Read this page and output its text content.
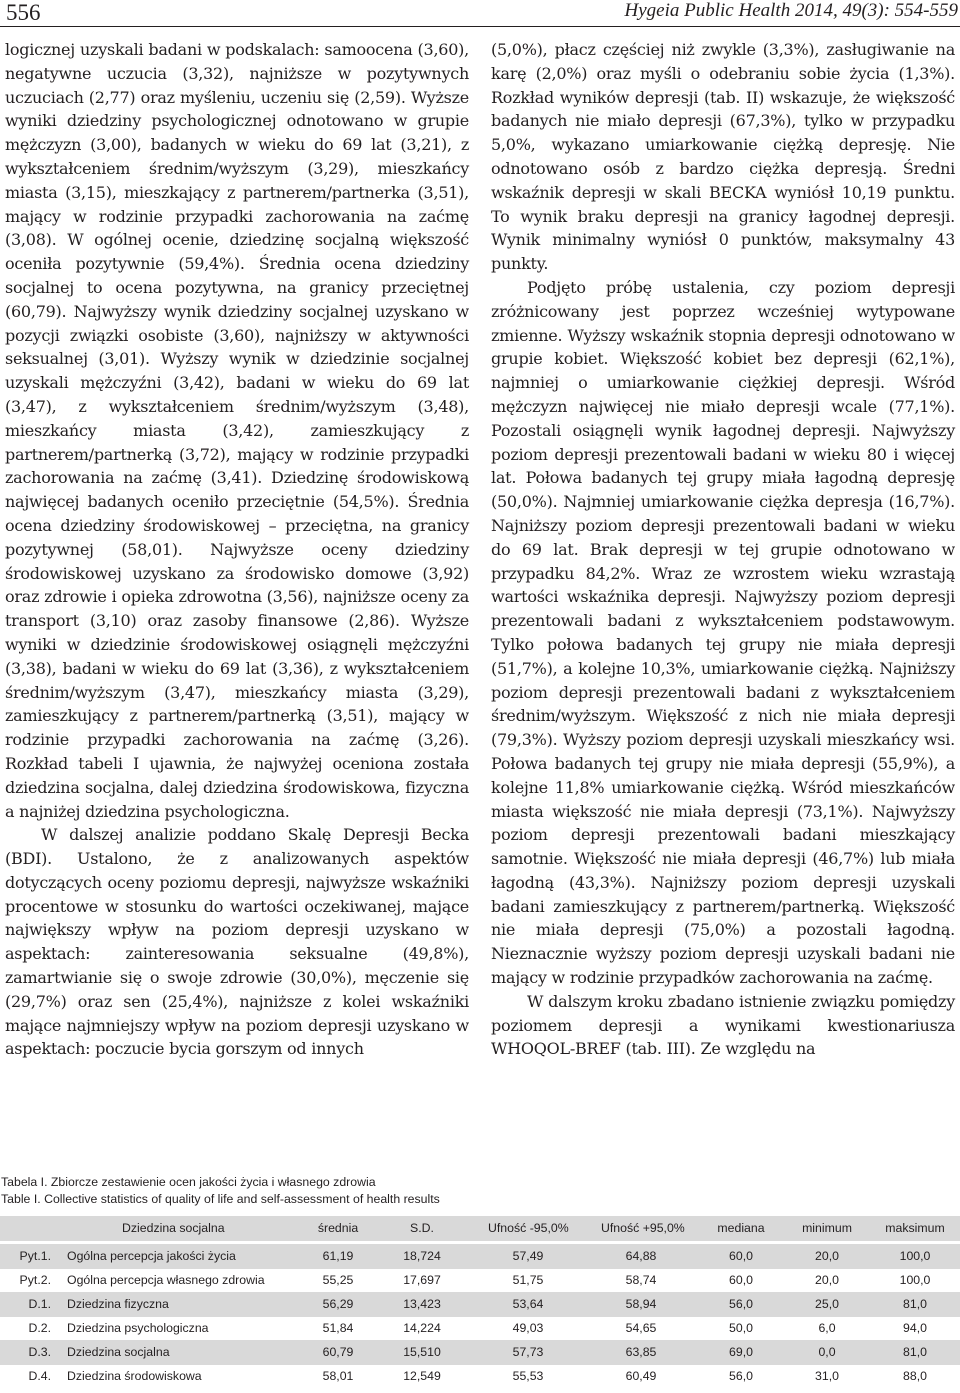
556	Hygeia Public Health 2014, 49(3): 554-559

logicznej uzyskali badani w podskalach: samoocena (3,60), negatywne uczucia (3,32), najniższe w pozytywnych uczuciach (2,77) oraz myśleniu, uczeniu się (2,59). Wyższe wyniki dziedziny psychologicznej odnotowano w grupie mężczyzn (3,00), badanych w wieku do 69 lat (3,21), z wykształceniem średnim/wyższym (3,29), mieszkańcy miasta (3,15), mieszkający z partnerem/partnerka (3,51), mający w rodzinie przypadki zachorowania na zaćmę (3,08). W ogólnej ocenie, dziedzinę socjalną większość oceniła pozytywnie (59,4%). Średnia ocena dziedziny socjalnej to ocena pozytywna, na granicy przeciętnej (60,79). Najwyższy wynik dziedziny socjalnej uzyskano w pozycji związki osobiste (3,60), najniższy w aktywności seksualnej (3,01). Wyższy wynik w dziedzinie socjalnej uzyskali mężczyźni (3,42), badani w wieku do 69 lat (3,47), z wykształceniem średnim/wyższym (3,48), mieszkańcy miasta (3,42), zamieszkujący z partnerem/partnerką (3,72), mający w rodzinie przypadki zachorowania na zaćmę (3,41). Dziedzinę środowiskową najwięcej badanych oceniło przeciętnie (54,5%). Średnia ocena dziedziny środowiskowej – przeciętna, na granicy pozytywnej (58,01). Najwyższe oceny dziedziny środowiskowej uzyskano za środowisko domowe (3,92) oraz zdrowie i opieka zdrowotna (3,56), najniższe oceny za transport (3,10) oraz zasoby finansowe (2,86). Wyższe wyniki w dziedzinie środowiskowej osiągnęli mężczyźni (3,38), badani w wieku do 69 lat (3,36), z wykształceniem średnim/wyższym (3,47), mieszkańcy miasta (3,29), zamieszkujący z partnerem/partnerką (3,51), mający w rodzinie przypadki zachorowania na zaćmę (3,26). Rozkład tabeli I ujawnia, że najwyżej oceniona została dziedzina socjalna, dalej dziedzina środowiskowa, fizyczna a najniżej dziedzina psychologiczna.

W dalszej analizie poddano Skalę Depresji Becka (BDI). Ustalono, że z analizowanych aspektów dotyczących oceny poziomu depresji, najwyższe wskaźniki procentowe w stosunku do wartości oczekiwanej, mające największy wpływ na poziom depresji uzyskano w aspektach: zainteresowania seksualne (49,8%), zamartwianie się o swoje zdrowie (30,0%), męczenie się (29,7%) oraz sen (25,4%), najniższe z kolei wskaźniki mające najmniejszy wpływ na poziom depresji uzyskano w aspektach: poczucie bycia gorszym od innych

(5,0%), płacz częściej niż zwykle (3,3%), zasługiwanie na karę (2,0%) oraz myśli o odebraniu sobie życia (1,3%). Rozkład wyników depresji (tab. II) wskazuje, że większość badanych nie miało depresji (67,3%), tylko w przypadku 5,0%, wykazano umiarkowanie ciężką depresję. Nie odnotowano osób z bardzo ciężka depresją. Średni wskaźnik depresji w skali BECKA wyniósł 10,19 punktu. To wynik braku depresji na granicy łagodnej depresji. Wynik minimalny wyniósł 0 punktów, maksymalny 43 punkty.

Podjęto próbę ustalenia, czy poziom depresji zróżnicowany jest poprzez wcześniej wytypowane zmienne. Wyższy wskaźnik stopnia depresji odnotowano w grupie kobiet. Większość kobiet bez depresji (62,1%), najmniej o umiarkowanie ciężkiej depresji. Wśród mężczyzn najwięcej nie miało depresji wcale (77,1%). Pozostali osiągnęli wynik łagodnej depresji. Najwyższy poziom depresji prezentowali badani w wieku 80 i więcej lat. Połowa badanych tej grupy miała łagodną depresję (50,0%). Najmniej umiarkowanie ciężka depresja (16,7%). Najniższy poziom depresji prezentowali badani w wieku do 69 lat. Brak depresji w tej grupie odnotowano w przypadku 84,2%. Wraz ze wzrostem wieku wzrastają wartości wskaźnika depresji. Najwyższy poziom depresji prezentowali badani z wykształceniem podstawowym. Tylko połowa badanych tej grupy nie miała depresji (51,7%), a kolejne 10,3%, umiarkowanie ciężką. Najniższy poziom depresji prezentowali badani z wykształceniem średnim/wyższym. Większość z nich nie miała depresji (79,3%). Wyższy poziom depresji uzyskali mieszkańcy wsi. Połowa badanych tej grupy nie miała depresji (55,9%), a kolejne 11,8% umiarkowanie ciężką. Wśród mieszkańców miasta większość nie miała depresji (73,1%). Najwyższy poziom depresji prezentowali badani mieszkający samotnie. Większość nie miała depresji (46,7%) lub miała łagodną (43,3%). Najniższy poziom depresji uzyskali badani zamieszkujący z partnerem/partnerką. Większość nie miała depresji (75,0%) a pozostali łagodną. Nieznacznie wyższy poziom depresji uzyskali badani nie mający w rodzinie przypadków zachorowania na zaćmę.

W dalszym kroku zbadano istnienie związku pomiędzy poziomem depresji a wynikami kwestionariusza WHOQOL-BREF (tab. III). Ze względu na

Tabela I. Zbiorcze zestawienie ocen jakości życia i własnego zdrowia
Table I. Collective statistics of quality of life and self-assessment of health results
Dziedzina socjalna	średnia	S.D.	Ufność -95,0%	Ufność +95,0%	mediana	minimum	maksimum
Pyt.1. Ogólna percepcja jakości życia	61,19	18,724	57,49	64,88	60,0	20,0	100,0
Pyt.2. Ogólna percepcja własnego zdrowia	55,25	17,697	51,75	58,74	60,0	20,0	100,0
D.1. Dziedzina fizyczna	56,29	13,423	53,64	58,94	56,0	25,0	81,0
D.2. Dziedzina psychologiczna	51,84	14,224	49,03	54,65	50,0	6,0	94,0
D.3. Dziedzina socjalna	60,79	15,510	57,73	63,85	69,0	0,0	81,0
D.4. Dziedzina środowiskowa	58,01	12,549	55,53	60,49	56,0	31,0	88,0
